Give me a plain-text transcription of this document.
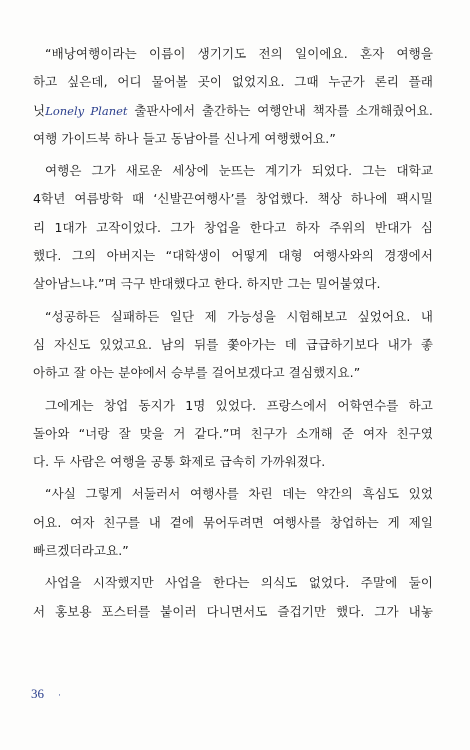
“배낭여행이라는 이름이 생기기도 전의 일이에요. 혼자 여행을
하고 싶은데, 어디 물어볼 곳이 없었지요. 그때 누군가 론리 플래
닛Lonely Planet 출판사에서 출간하는 여행안내 책자를 소개해줬어요.
여행 가이드북 하나 들고 동남아를 신나게 여행했어요.”

여행은 그가 새로운 세상에 눈뜨는 계기가 되었다. 그는 대학교
4학년 여름방학 때 ‘신발끈여행사’를 창업했다. 책상 하나에 팩시밀
리 1대가 고작이었다. 그가 창업을 한다고 하자 주위의 반대가 심
했다. 그의 아버지는 “대학생이 어떻게 대형 여행사와의 경쟁에서
살아남느냐.”며 극구 반대했다고 한다. 하지만 그는 밀어붙였다.

“성공하든 실패하든 일단 제 가능성을 시험해보고 싶었어요. 내
심 자신도 있었고요. 남의 뒤를 쫓아가는 데 급급하기보다 내가 좋
아하고 잘 아는 분야에서 승부를 걸어보겠다고 결심했지요.”

그에게는 창업 동지가 1명 있었다. 프랑스에서 어학연수를 하고
돌아와 “너랑 잘 맞을 거 같다.”며 친구가 소개해 준 여자 친구였
다. 두 사람은 여행을 공통 화제로 급속히 가까워졌다.

“사실 그렇게 서둘러서 여행사를 차린 데는 약간의 흑심도 있었
어요. 여자 친구를 내 곁에 묶어두려면 여행사를 창업하는 게 제일
빠르겠더라고요.”

사업을 시작했지만 사업을 한다는 의식도 없었다. 주말에 둘이
서 홍보용 포스터를 붙이러 다니면서도 즐겁기만 했다. 그가 내놓

36 ·
